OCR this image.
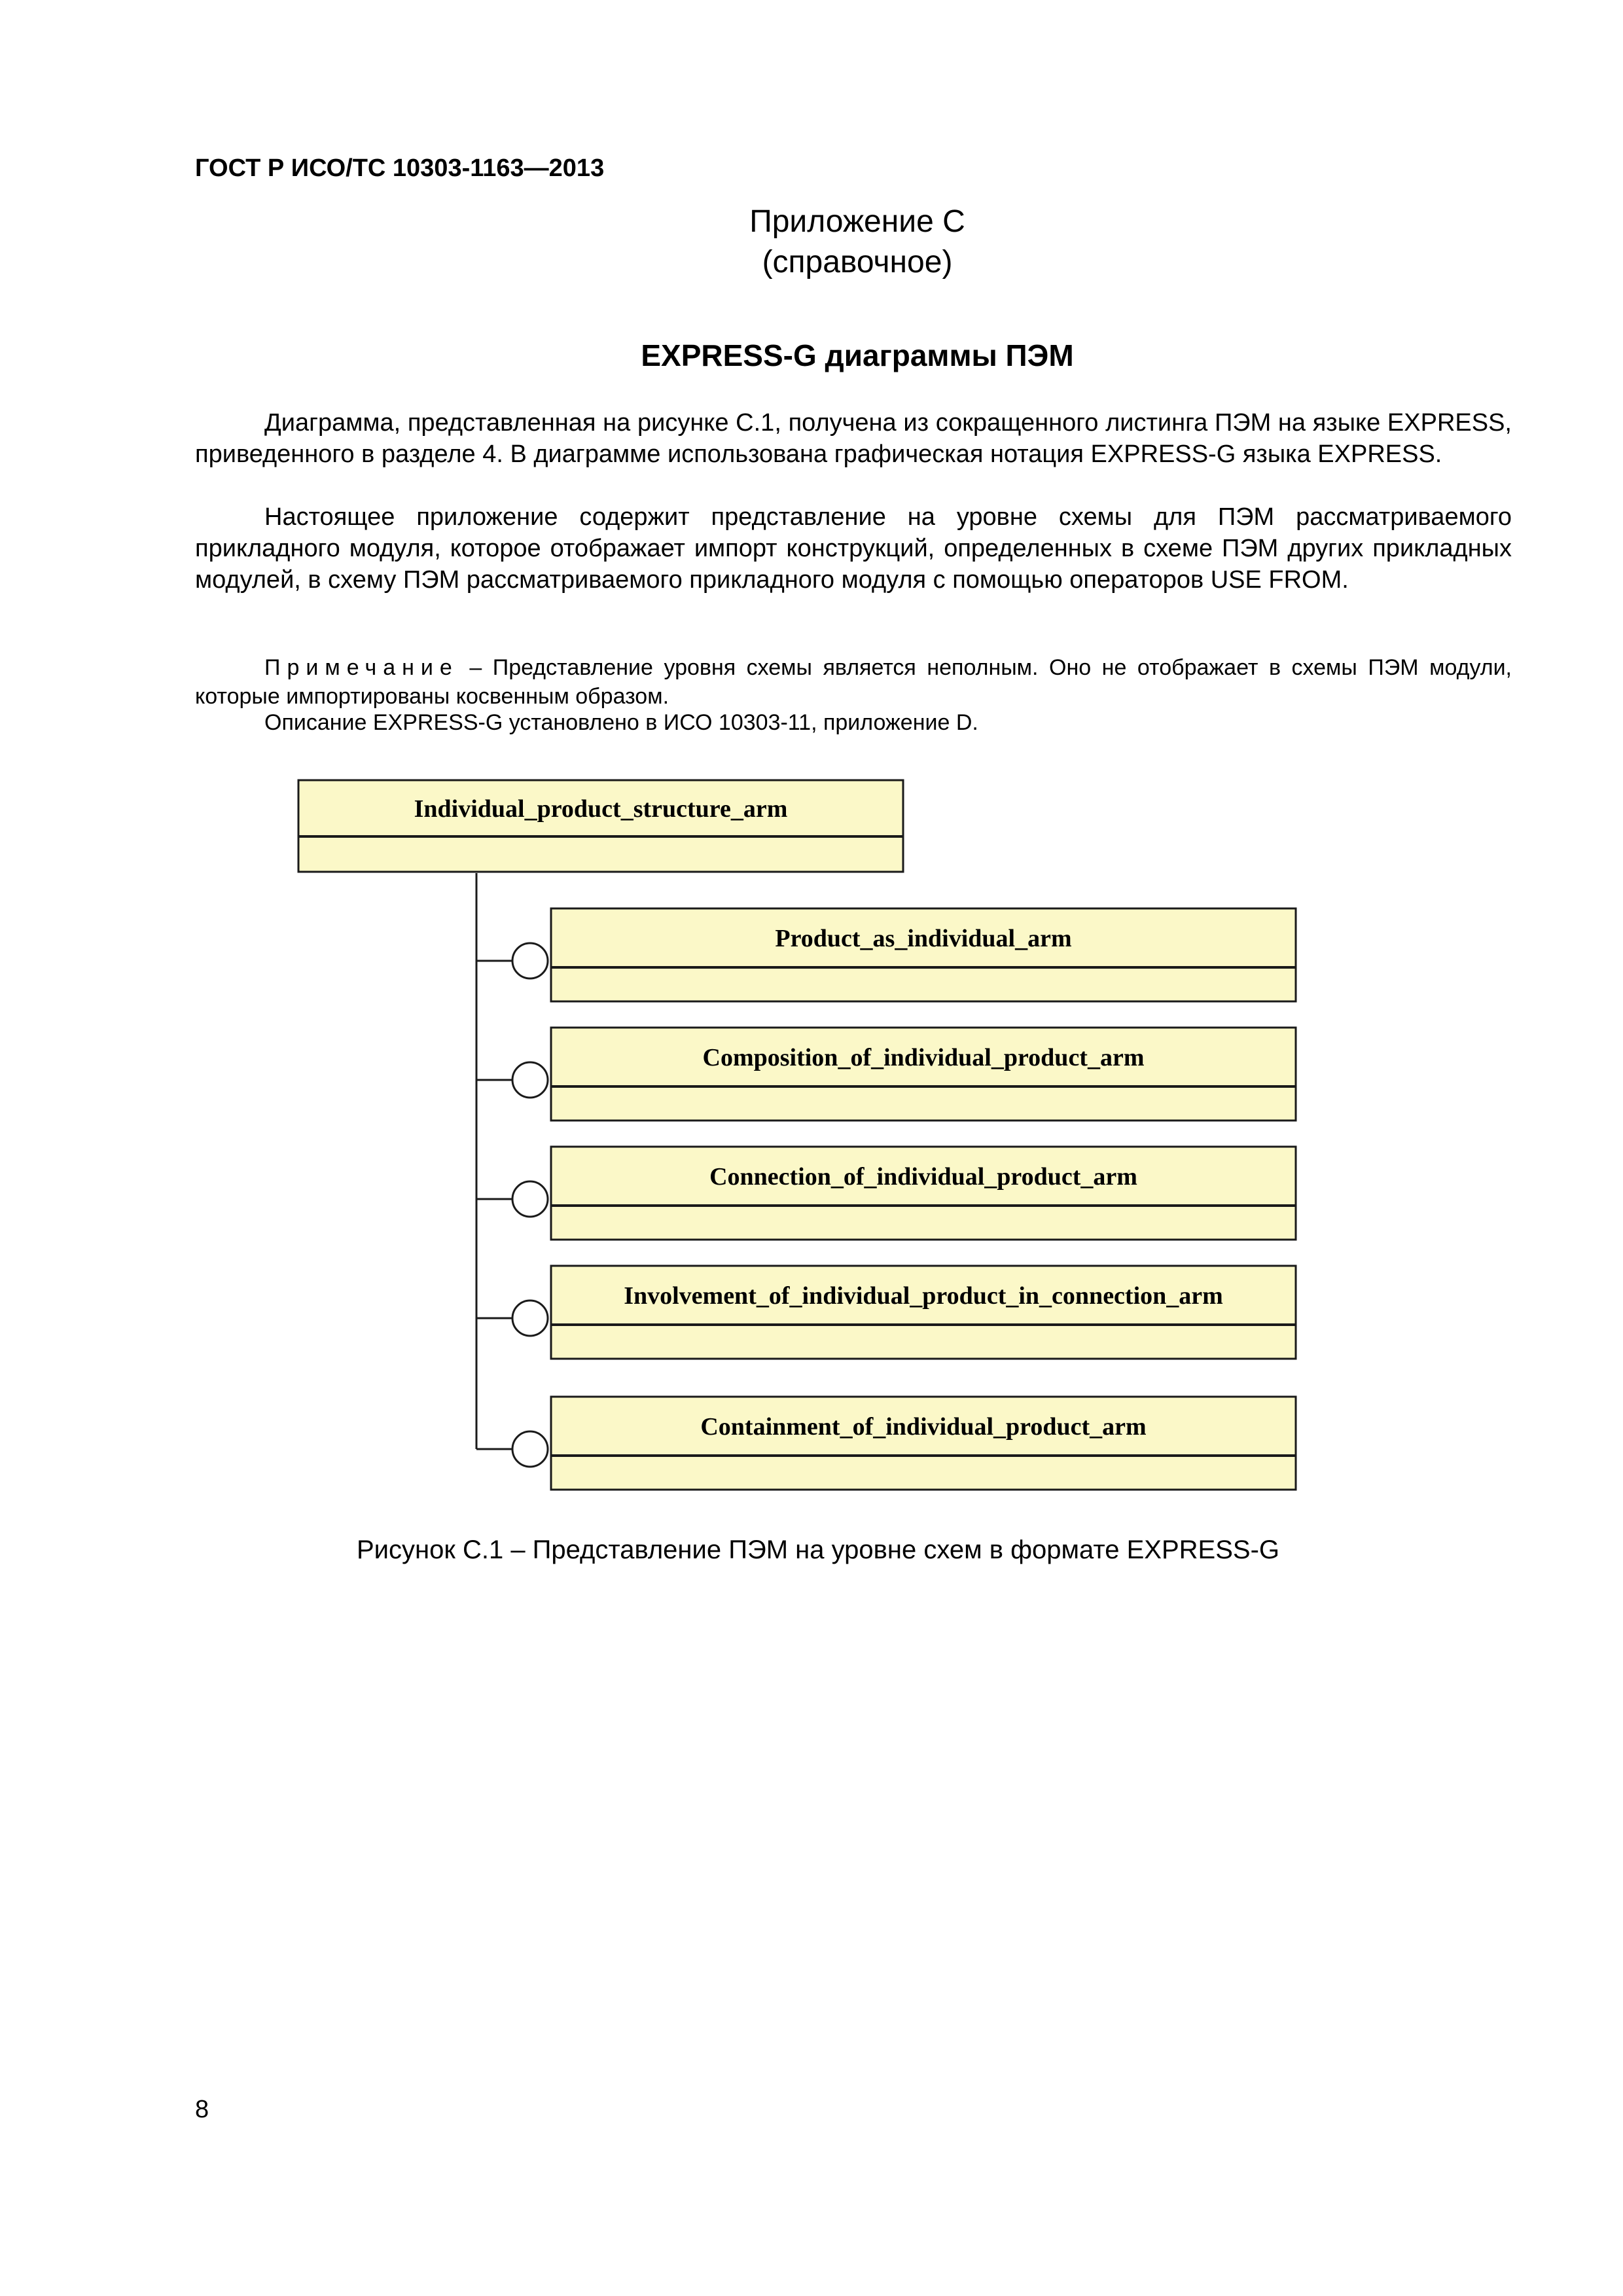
ГОСТ Р ИСО/ТС 10303-1163—2013
Приложение С
(справочное)
EXPRESS-G диаграммы ПЭМ

Диаграмма, представленная на рисунке С.1, получена из сокращенного листинга ПЭМ на языке EXPRESS, приведенного в разделе 4. В диаграмме использована графическая нотация EXPRESS-G языка EXPRESS.

Настоящее приложение содержит представление на уровне схемы для ПЭМ рассматриваемого прикладного модуля, которое отображает импорт конструкций, определенных в схеме ПЭМ других прикладных модулей, в схему ПЭМ рассматриваемого прикладного модуля с помощью операторов USE FROM.

Примечание – Представление уровня схемы является неполным. Оно не отображает в схемы ПЭМ модули, которые импортированы косвенным образом.

Описание EXPRESS-G установлено в ИСО 10303-11, приложение D.
Individual_product_structure_arm
Product_as_individual_arm
Composition_of_individual_product_arm
Connection_of_individual_product_arm
Involvement_of_individual_product_in_connection_arm
Containment_of_individual_product_arm
Рисунок С.1 – Представление ПЭМ на уровне схем в формате EXPRESS-G
8
